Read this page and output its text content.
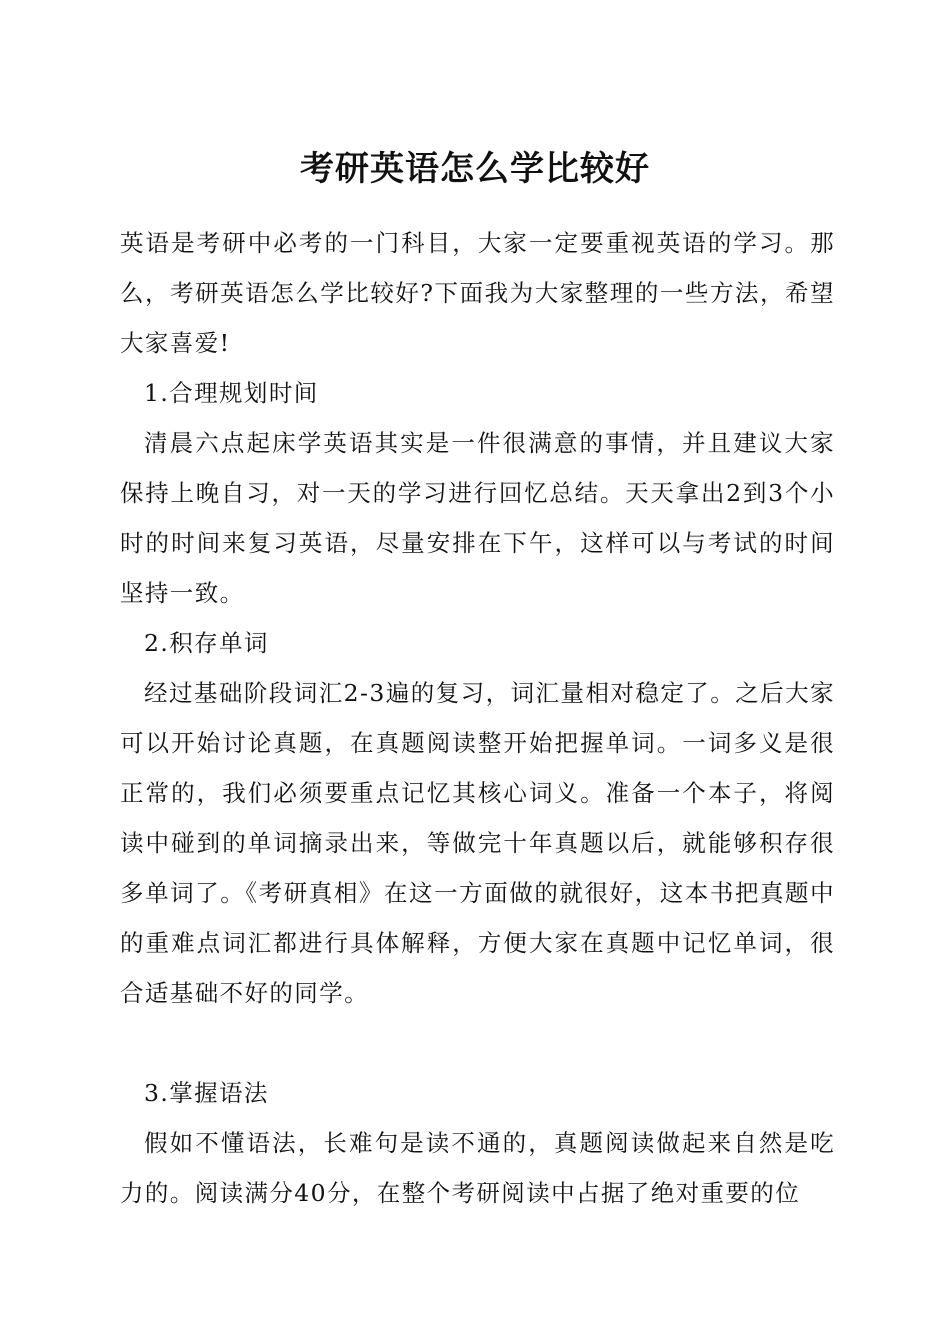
考研英语怎么学比较好

英语是考研中必考的一门科目，大家一定要重视英语的学习。那么，考研英语怎么学比较好?下面我为大家整理的一些方法，希望大家喜爱!

1.合理规划时间

清晨六点起床学英语其实是一件很满意的事情，并且建议大家保持上晚自习，对一天的学习进行回忆总结。天天拿出2到3个小时的时间来复习英语，尽量安排在下午，这样可以与考试的时间坚持一致。

2.积存单词

经过基础阶段词汇2-3遍的复习，词汇量相对稳定了。之后大家可以开始讨论真题，在真题阅读整开始把握单词。一词多义是很正常的，我们必须要重点记忆其核心词义。准备一个本子，将阅读中碰到的单词摘录出来，等做完十年真题以后，就能够积存很多单词了。《考研真相》在这一方面做的就很好，这本书把真题中的重难点词汇都进行具体解释，方便大家在真题中记忆单词，很合适基础不好的同学。

3.掌握语法

假如不懂语法，长难句是读不通的，真题阅读做起来自然是吃力的。阅读满分40分，在整个考研阅读中占据了绝对重要的位
